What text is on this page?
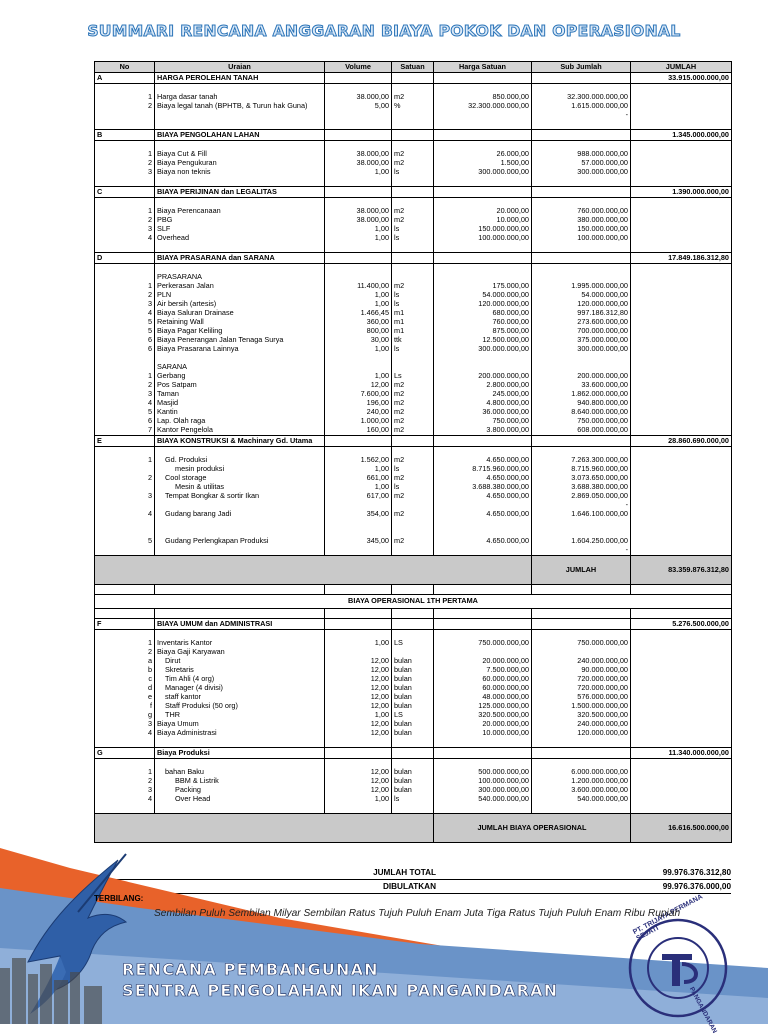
SUMMARI RENCANA ANGGARAN BIAYA POKOK DAN OPERASIONAL
No	Uraian	Volume	Satuan	Harga Satuan	Sub Jumlah	JUMLAH
A	HARGA PEROLEHAN TANAH					33.915.000.000,00

1	Harga dasar tanah	38.000,00	m2	850.000,00	32.300.000.000,00	
2	Biaya legal tanah (BPHTB, & Turun hak Guna)	5,00	%	32.300.000.000,00	1.615.000.000,00	
					-	

B	BIAYA PENGOLAHAN LAHAN					1.345.000.000,00

1	Biaya Cut & Fill	38.000,00	m2	26.000,00	988.000.000,00	
2	Biaya Pengukuran	38.000,00	m2	1.500,00	57.000.000,00	
3	Biaya non teknis	1,00	ls	300.000.000,00	300.000.000,00	

C	BIAYA PERIJINAN dan LEGALITAS					1.390.000.000,00

1	Biaya Perencanaan	38.000,00	m2	20.000,00	760.000.000,00	
2	PBG	38.000,00	m2	10.000,00	380.000.000,00	
3	SLF	1,00	ls	150.000.000,00	150.000.000,00	
4	Overhead	1,00	ls	100.000.000,00	100.000.000,00	

D	BIAYA PRASARANA dan SARANA					17.849.186.312,80

	PRASARANA					
1	Perkerasan Jalan	11.400,00	m2	175.000,00	1.995.000.000,00	
2	PLN	1,00	ls	54.000.000,00	54.000.000,00	
3	Air bersih (artesis)	1,00	ls	120.000.000,00	120.000.000,00	
4	Biaya Saluran Drainase	1.466,45	m1	680.000,00	997.186.312,80	
5	Retaining Wall	360,00	m1	760.000,00	273.600.000,00	
5	Biaya Pagar Keliling	800,00	m1	875.000,00	700.000.000,00	
6	Biaya Penerangan Jalan Tenaga Surya	30,00	ttk	12.500.000,00	375.000.000,00	
6	Biaya Prasarana Lainnya	1,00	ls	300.000.000,00	300.000.000,00	

	SARANA					
1	Gerbang	1,00	Ls	200.000.000,00	200.000.000,00	
2	Pos Satpam	12,00	m2	2.800.000,00	33.600.000,00	
3	Taman	7.600,00	m2	245.000,00	1.862.000.000,00	
4	Masjid	196,00	m2	4.800.000,00	940.800.000,00	
5	Kantin	240,00	m2	36.000.000,00	8.640.000.000,00	
6	Lap. Olah raga	1.000,00	m2	750.000,00	750.000.000,00	
7	Kantor Pengelola	160,00	m2	3.800.000,00	608.000.000,00	
E	BIAYA KONSTRUKSI & Machinary Gd. Utama					28.860.690.000,00

1	Gd. Produksi	1.562,00	m2	4.650.000,00	7.263.300.000,00	
	mesin produksi	1,00	ls	8.715.960.000,00	8.715.960.000,00	
2	Cool storage	661,00	m2	4.650.000,00	3.073.650.000,00	
	Mesin & utilitas	1,00	ls	3.688.380.000,00	3.688.380.000,00	
3	Tempat Bongkar & sortir Ikan	617,00	m2	4.650.000,00	2.869.050.000,00	
					-	
4	Gudang barang Jadi	354,00	m2	4.650.000,00	1.646.100.000,00	

5	Gudang Perlengkapan Produksi	345,00	m2	4.650.000,00	1.604.250.000,00	
					-	
					JUMLAH	83.359.876.312,80

BIAYA OPERASIONAL 1TH PERTAMA						

F	BIAYA UMUM dan ADMINISTRASI					5.276.500.000,00

1	Inventaris Kantor	1,00	LS	750.000.000,00	750.000.000,00	
2	Biaya Gaji Karyawan					
a	Dirut	12,00	bulan	20.000.000,00	240.000.000,00	
b	Skretaris	12,00	bulan	7.500.000,00	90.000.000,00	
c	Tim Ahli (4 org)	12,00	bulan	60.000.000,00	720.000.000,00	
d	Manager (4 divisi)	12,00	bulan	60.000.000,00	720.000.000,00	
e	staff kantor	12,00	bulan	48.000.000,00	576.000.000,00	
f	Staff Produksi (50 org)	12,00	bulan	125.000.000,00	1.500.000.000,00	
g	THR	1,00	LS	320.500.000,00	320.500.000,00	
3	Biaya Umum	12,00	bulan	20.000.000,00	240.000.000,00	
4	Biaya Administrasi	12,00	bulan	10.000.000,00	120.000.000,00	

G	Biaya Produksi					11.340.000.000,00

1	bahan Baku	12,00	bulan	500.000.000,00	6.000.000.000,00	
2	BBM & Listrik	12,00	bulan	100.000.000,00	1.200.000.000,00	
3	Packing	12,00	bulan	300.000.000,00	3.600.000.000,00	
4	Over Head	1,00	ls	540.000.000,00	540.000.000,00	

				JUMLAH BIAYA OPERASIONAL		16.616.500.000,00
JUMLAH TOTAL	99.976.376.312,80
DIBULATKAN	99.976.376.000,00
PT. TRIJAYA PERMANA SEJATI
PANGANDARAN
TERBILANG:
Sembilan Puluh Sembilan Milyar Sembilan Ratus Tujuh Puluh Enam Juta Tiga Ratus Tujuh Puluh Enam Ribu Rupiah
RENCANA PEMBANGUNAN
SENTRA PENGOLAHAN IKAN PANGANDARAN
